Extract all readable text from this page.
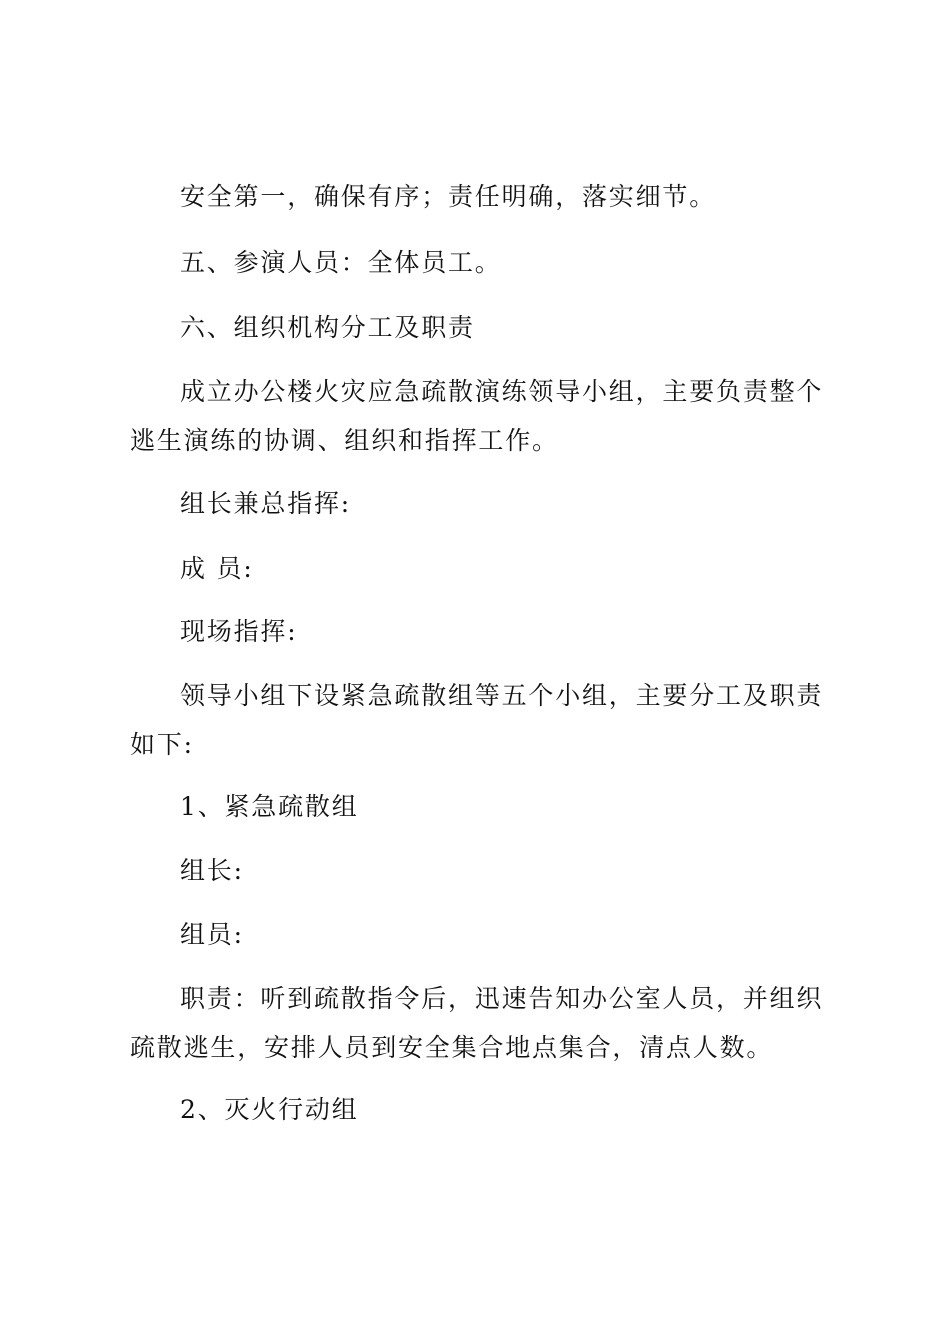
安全第一，确保有序；责任明确，落实细节。

五、参演人员：全体员工。

六、组织机构分工及职责

成立办公楼火灾应急疏散演练领导小组，主要负责整个逃生演练的协调、组织和指挥工作。

组长兼总指挥:

成 员:

现场指挥:

领导小组下设紧急疏散组等五个小组，主要分工及职责如下:

1、紧急疏散组

组长:

组员:

职责：听到疏散指令后，迅速告知办公室人员，并组织疏散逃生，安排人员到安全集合地点集合，清点人数。

2、灭火行动组
